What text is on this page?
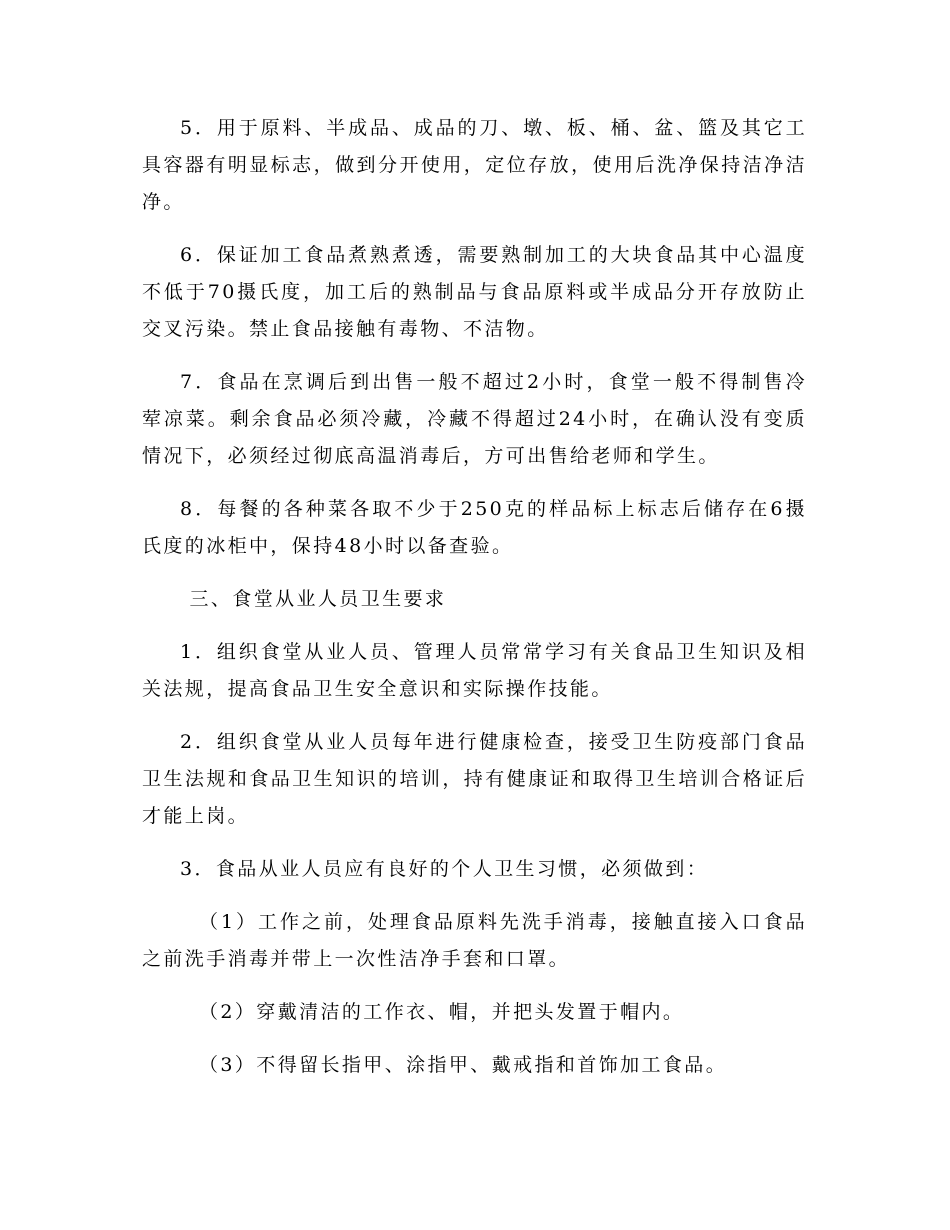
5．用于原料、半成品、成品的刀、墩、板、桶、盆、篮及其它工具容器有明显标志，做到分开使用，定位存放，使用后洗净保持洁净洁净。

6．保证加工食品煮熟煮透，需要熟制加工的大块食品其中心温度不低于70摄氏度，加工后的熟制品与食品原料或半成品分开存放防止交叉污染。禁止食品接触有毒物、不洁物。

7．食品在烹调后到出售一般不超过2小时，食堂一般不得制售冷荤凉菜。剩余食品必须冷藏，冷藏不得超过24小时，在确认没有变质情况下，必须经过彻底高温消毒后，方可出售给老师和学生。

8．每餐的各种菜各取不少于250克的样品标上标志后储存在6摄氏度的冰柜中，保持48小时以备查验。

三、食堂从业人员卫生要求

1．组织食堂从业人员、管理人员常常学习有关食品卫生知识及相关法规，提高食品卫生安全意识和实际操作技能。

2．组织食堂从业人员每年进行健康检查，接受卫生防疫部门食品卫生法规和食品卫生知识的培训，持有健康证和取得卫生培训合格证后才能上岗。

3．食品从业人员应有良好的个人卫生习惯，必须做到：

（1）工作之前，处理食品原料先洗手消毒，接触直接入口食品之前洗手消毒并带上一次性洁净手套和口罩。

（2）穿戴清洁的工作衣、帽，并把头发置于帽内。

（3）不得留长指甲、涂指甲、戴戒指和首饰加工食品。
